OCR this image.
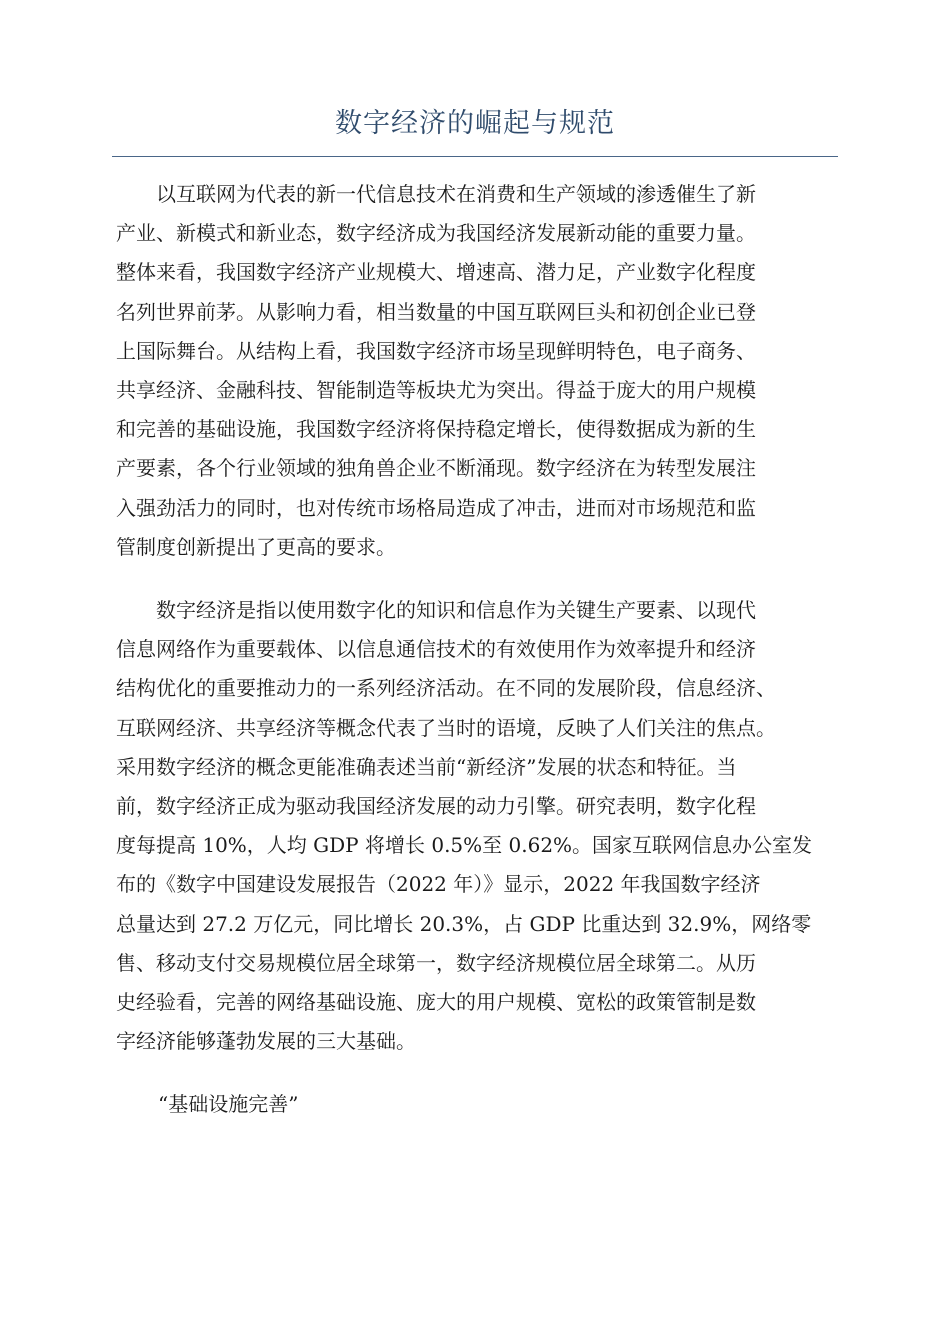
数字经济的崛起与规范
以互联网为代表的新一代信息技术在消费和生产领域的渗透催生了新
产业、新模式和新业态，数字经济成为我国经济发展新动能的重要力量。
整体来看，我国数字经济产业规模大、增速高、潜力足，产业数字化程度
名列世界前茅。从影响力看，相当数量的中国互联网巨头和初创企业已登
上国际舞台。从结构上看，我国数字经济市场呈现鲜明特色，电子商务、
共享经济、金融科技、智能制造等板块尤为突出。得益于庞大的用户规模
和完善的基础设施，我国数字经济将保持稳定增长，使得数据成为新的生
产要素，各个行业领域的独角兽企业不断涌现。数字经济在为转型发展注
入强劲活力的同时，也对传统市场格局造成了冲击，进而对市场规范和监
管制度创新提出了更高的要求。
数字经济是指以使用数字化的知识和信息作为关键生产要素、以现代
信息网络作为重要载体、以信息通信技术的有效使用作为效率提升和经济
结构优化的重要推动力的一系列经济活动。在不同的发展阶段，信息经济、
互联网经济、共享经济等概念代表了当时的语境，反映了人们关注的焦点。
采用数字经济的概念更能准确表述当前“新经济”发展的状态和特征。当
前，数字经济正成为驱动我国经济发展的动力引擎。研究表明，数字化程
度每提高 10%，人均 GDP 将增长 0.5%至 0.62%。国家互联网信息办公室发
布的《数字中国建设发展报告（2022 年）》显示，2022 年我国数字经济
总量达到 27.2 万亿元，同比增长 20.3%，占 GDP 比重达到 32.9%，网络零
售、移动支付交易规模位居全球第一，数字经济规模位居全球第二。从历
史经验看，完善的网络基础设施、庞大的用户规模、宽松的政策管制是数
字经济能够蓬勃发展的三大基础。

“基础设施完善”
